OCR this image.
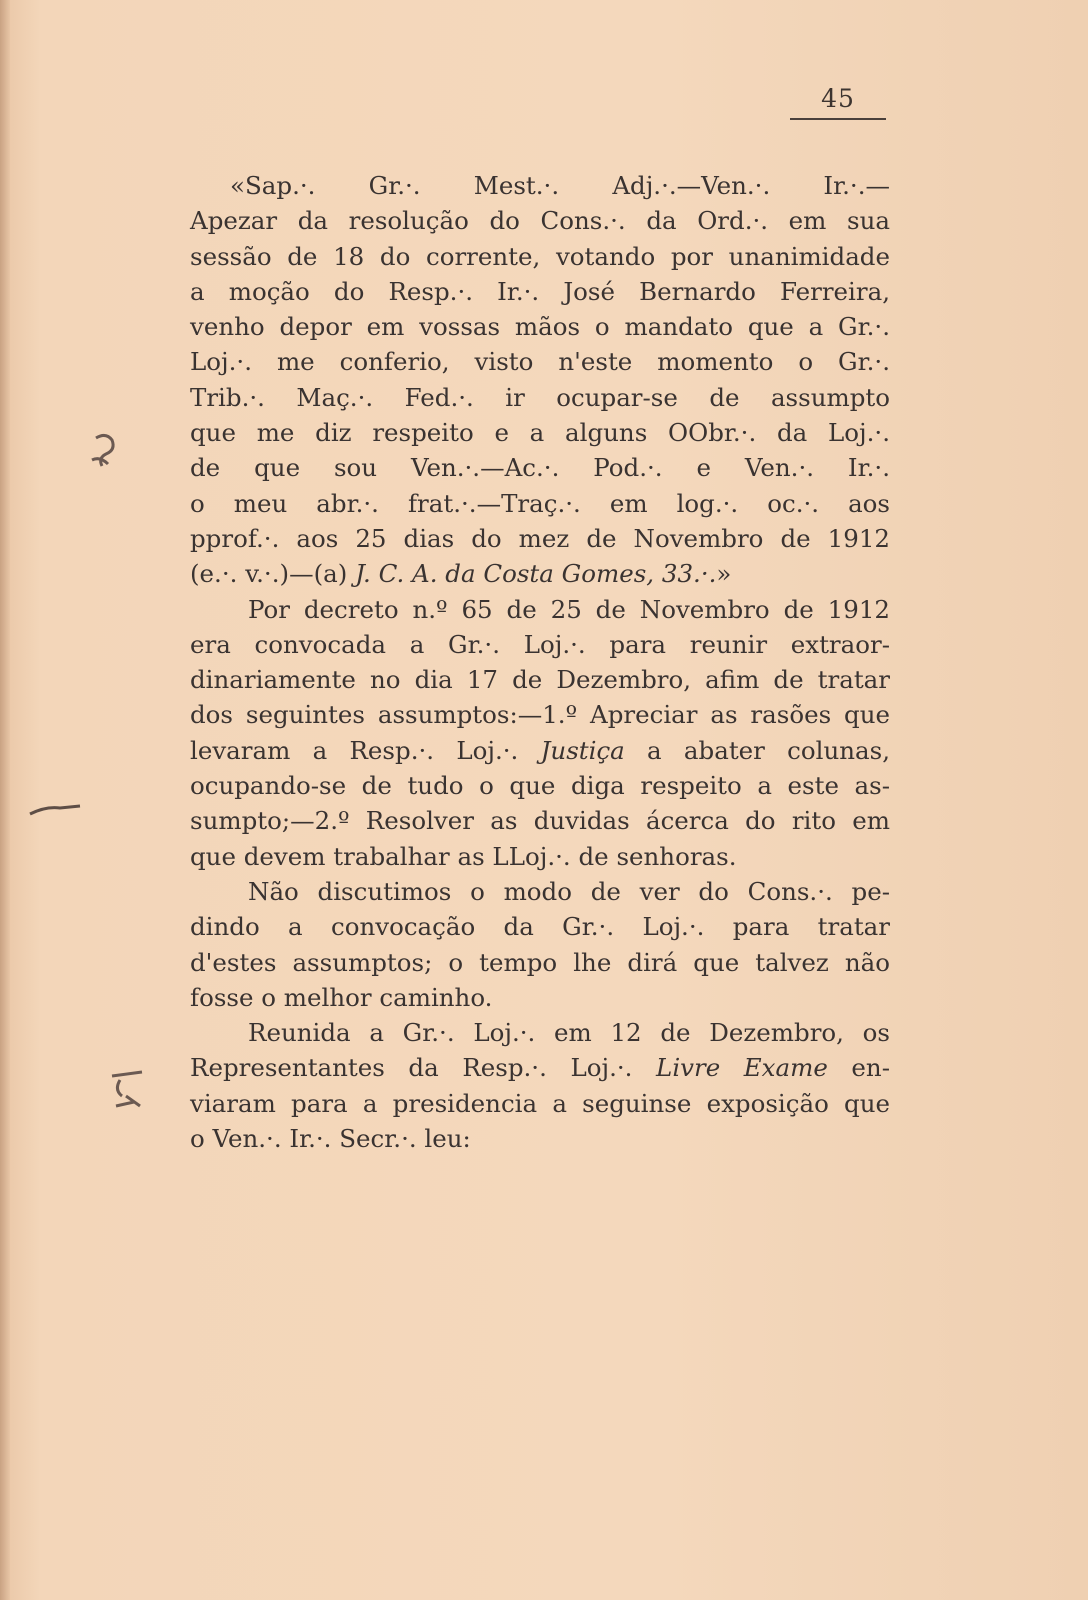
45
«Sap.·. Gr.·. Mest.·. Adj.·.—Ven.·. Ir.·.—
Apezar da resolução do Cons.·. da Ord.·. em sua
sessão de 18 do corrente, votando por unanimidade
a moção do Resp.·. Ir.·. José Bernardo Ferreira,
venho depor em vossas mãos o mandato que a Gr.·.
Loj.·. me conferio, visto n'este momento o Gr.·.
Trib.·. Maç.·. Fed.·. ir ocupar-se de assumpto
que me diz respeito e a alguns OObr.·. da Loj.·.
de que sou Ven.·.—Ac.·. Pod.·. e Ven.·. Ir.·.
o meu abr.·. frat.·.—Traç.·. em log.·. oc.·. aos
pprof.·. aos 25 dias do mez de Novembro de 1912
(e.·. v.·.)—(a) J. C. A. da Costa Gomes, 33.·.»
Por decreto n.º 65 de 25 de Novembro de 1912
era convocada a Gr.·. Loj.·. para reunir extraor-
dinariamente no dia 17 de Dezembro, afim de tratar
dos seguintes assumptos:—1.º Apreciar as rasões que
levaram a Resp.·. Loj.·. Justiça a abater colunas,
ocupando-se de tudo o que diga respeito a este as-
sumpto;—2.º Resolver as duvidas ácerca do rito em
que devem trabalhar as LLoj.·. de senhoras.
Não discutimos o modo de ver do Cons.·. pe-
dindo a convocação da Gr.·. Loj.·. para tratar
d'estes assumptos; o tempo lhe dirá que talvez não
fosse o melhor caminho.
Reunida a Gr.·. Loj.·. em 12 de Dezembro, os
Representantes da Resp.·. Loj.·. Livre Exame en-
viaram para a presidencia a seguinse exposição que
o Ven.·. Ir.·. Secr.·. leu:
